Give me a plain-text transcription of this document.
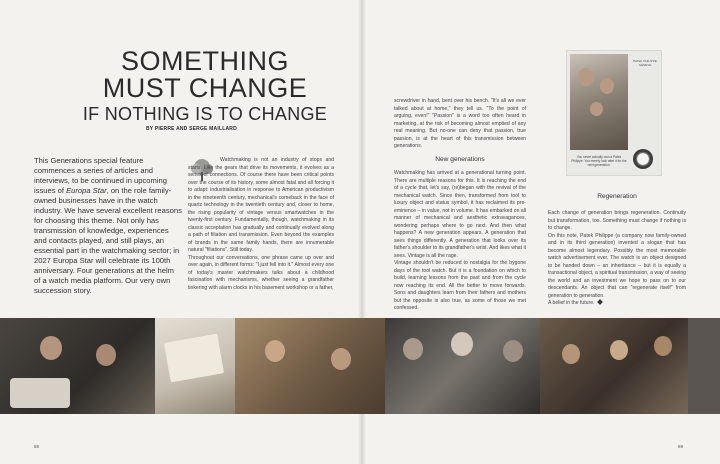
SOMETHING
MUST CHANGE
IF NOTHING IS TO CHANGE
BY PIERRE AND SERGE MAILLARD

This Generations special feature commences a series of articles and interviews, to be continued in upcoming issues of Europa Star, on the role family-owned businesses have in the watch industry. We have several excellent reasons for choosing this theme. Not only has transmission of knowledge, experiences and contacts played, and still plays, an essential part in the watchmaking sector; in 2027 Europa Star will celebrate its 100th anniversary. Four generations at the helm of a watch media platform. Our very own succession story.

Watchmaking is not an industry of stops and starts. Like the gears that drive its movements, it evolves as a series of connections. Of course there have been critical points over the course of its history, some almost fatal and all forcing it to adapt: industrialisation in response to American productivism in the nineteenth century, mechanical's comeback in the face of quartz technology in the twentieth century and, closer to home, the rising popularity of vintage versus smartwatches in the twenty-first century. Fundamentally, though, watchmaking in its classic acceptation has gradually and continually evolved along a path of filiation and transmission. Even beyond the examples of brands in the same family hands, there are innumerable natural "filiations". Still today.

Throughout our conversations, one phrase came up over and over again, in different forms: "I just fell into it." Almost every one of today's master watchmakers talks about a childhood fascination with mechanisms, whether seeing a grandfather tinkering with alarm clocks in his basement workshop or a father,

68

screwdriver in hand, bent over his bench. "It's all we ever talked about at home," they tell us. "To the point of arguing, even!" "Passion" is a word too often heard in marketing, at the risk of becoming almost emptied of any real meaning. But no-one can deny that passion, true passion, is at the heart of this transmission between generations.

New generations

Watchmaking has arrived at a generational turning point. There are multiple reasons for this. It is reaching the end of a cycle that, let's say, (re)began with the revival of the mechanical watch. Since then, transformed from tool to luxury object and status symbol, it has reclaimed its pre-eminence – in value, not in volume. It has embarked on all manner of mechanical and aesthetic extravagances, wondering perhaps where to go next. And then what happens? A new generation appears. A generation that sees things differently. A generation that looks over its father's shoulder to its grandfather's wrist. And likes what it sees. Vintage is all the rage.

Vintage shouldn't be reduced to nostalgia for the bygone days of the tool watch. But it is a foundation on which to build, learning lessons from the past and from the cycle now reaching its end. All the better to move forwards. Sons and daughters learn from their fathers and mothers but the opposite is also true, as some of those we met confessed.

PATEK PHILIPPE GENEVE
You never actually own a Patek Philippe. You merely look after it for the next generation.
Regeneration

Each change of generation brings regeneration. Continuity but transformation, too. Something must change if nothing is to change.

On this note, Patek Philippe (a company now family-owned and in its third generation) invented a slogan that has become almost legendary. Possibly the most memorable watch advertisement ever. The watch is an object designed to be handed down – an inheritance – but it is equally a transactional object, a spiritual transmission, a way of seeing the world and an investment we hope to pass on to our descendants. An object that can "regenerate itself" from generation to generation.

A belief in the future.

69
